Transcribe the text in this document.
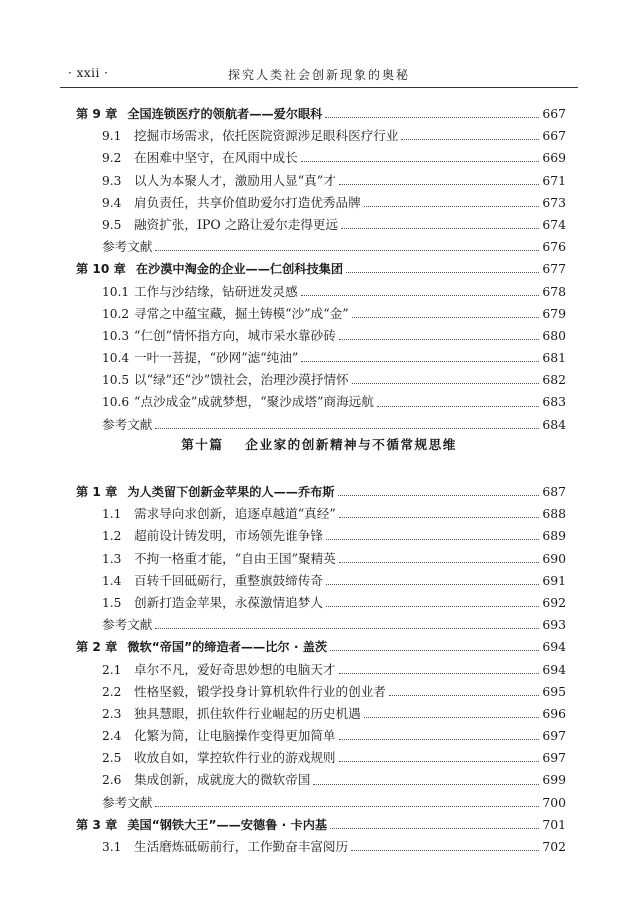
· xxii ·	探究人类社会创新现象的奥秘
第 9 章 全国连锁医疗的领航者——爱尔眼科	667
9.1 挖掘市场需求，依托医院资源涉足眼科医疗行业	667
9.2 在困难中坚守，在风雨中成长	669
9.3 以人为本聚人才，激励用人显“真”才	671
9.4 肩负责任，共享价值助爱尔打造优秀品牌	673
9.5 融资扩张，IPO 之路让爱尔走得更远	674
参考文献	676
第 10 章 在沙漠中淘金的企业——仁创科技集团	677
10.1 工作与沙结缘，钻研迸发灵感	678
10.2 寻常之中蕴宝藏，掘土铸模“沙”成“金”	679
10.3 “仁创”情怀指方向，城市采水靠砂砖	680
10.4 一叶一菩提，“砂网”滤“纯油”	681
10.5 以“绿”还“沙”馈社会，治理沙漠抒情怀	682
10.6 “点沙成金”成就梦想，“聚沙成塔”商海远航	683
参考文献	684
第十篇 企业家的创新精神与不循常规思维
第 1 章 为人类留下创新金苹果的人——乔布斯	687
1.1 需求导向求创新，追逐卓越道“真经”	688
1.2 超前设计铸发明，市场领先谁争锋	689
1.3 不拘一格重才能，“自由王国”聚精英	690
1.4 百转千回砥砺行，重整旗鼓缔传奇	691
1.5 创新打造金苹果，永葆激情追梦人	692
参考文献	693
第 2 章 微软“帝国”的缔造者——比尔 · 盖茨	694
2.1 卓尔不凡，爱好奇思妙想的电脑天才	694
2.2 性格坚毅，锻学投身计算机软件行业的创业者	695
2.3 独具慧眼，抓住软件行业崛起的历史机遇	696
2.4 化繁为简，让电脑操作变得更加简单	697
2.5 收放自如，掌控软件行业的游戏规则	697
2.6 集成创新，成就庞大的微软帝国	699
参考文献	700
第 3 章 美国“钢铁大王”——安德鲁 · 卡内基	701
3.1 生活磨炼砥砺前行，工作勤奋丰富阅历	702
